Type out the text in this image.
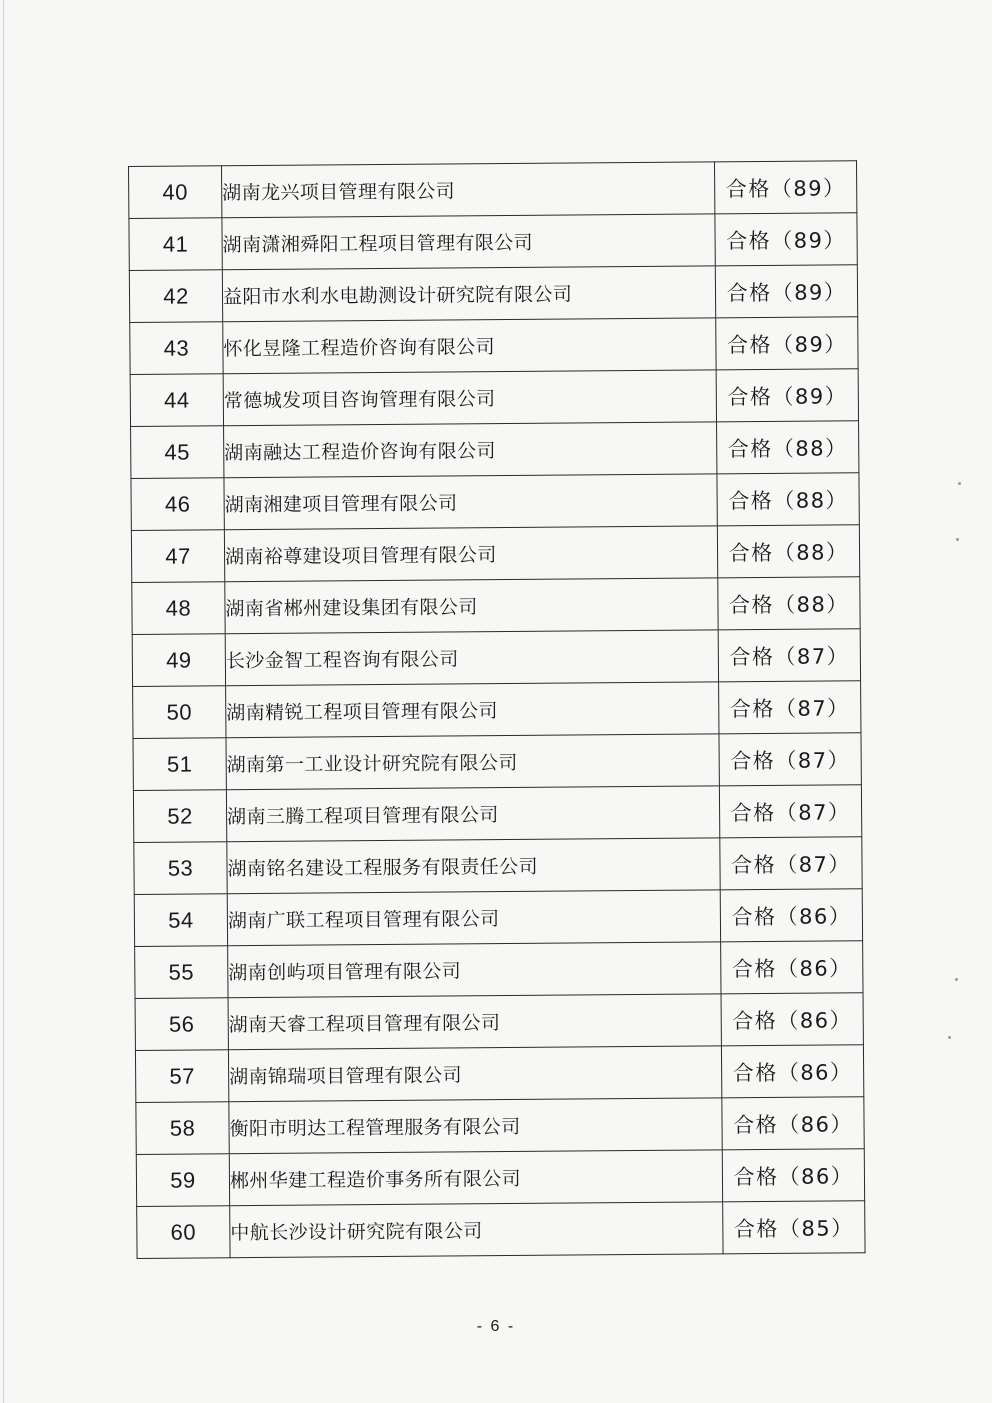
40	湖南龙兴项目管理有限公司	合格（89）
41	湖南潇湘舜阳工程项目管理有限公司	合格（89）
42	益阳市水利水电勘测设计研究院有限公司	合格（89）
43	怀化昱隆工程造价咨询有限公司	合格（89）
44	常德城发项目咨询管理有限公司	合格（89）
45	湖南融达工程造价咨询有限公司	合格（88）
46	湖南湘建项目管理有限公司	合格（88）
47	湖南裕尊建设项目管理有限公司	合格（88）
48	湖南省郴州建设集团有限公司	合格（88）
49	长沙金智工程咨询有限公司	合格（87）
50	湖南精锐工程项目管理有限公司	合格（87）
51	湖南第一工业设计研究院有限公司	合格（87）
52	湖南三腾工程项目管理有限公司	合格（87）
53	湖南铭名建设工程服务有限责任公司	合格（87）
54	湖南广联工程项目管理有限公司	合格（86）
55	湖南创屿项目管理有限公司	合格（86）
56	湖南天睿工程项目管理有限公司	合格（86）
57	湖南锦瑞项目管理有限公司	合格（86）
58	衡阳市明达工程管理服务有限公司	合格（86）
59	郴州华建工程造价事务所有限公司	合格（86）
60	中航长沙设计研究院有限公司	合格（85）
- 6 -
